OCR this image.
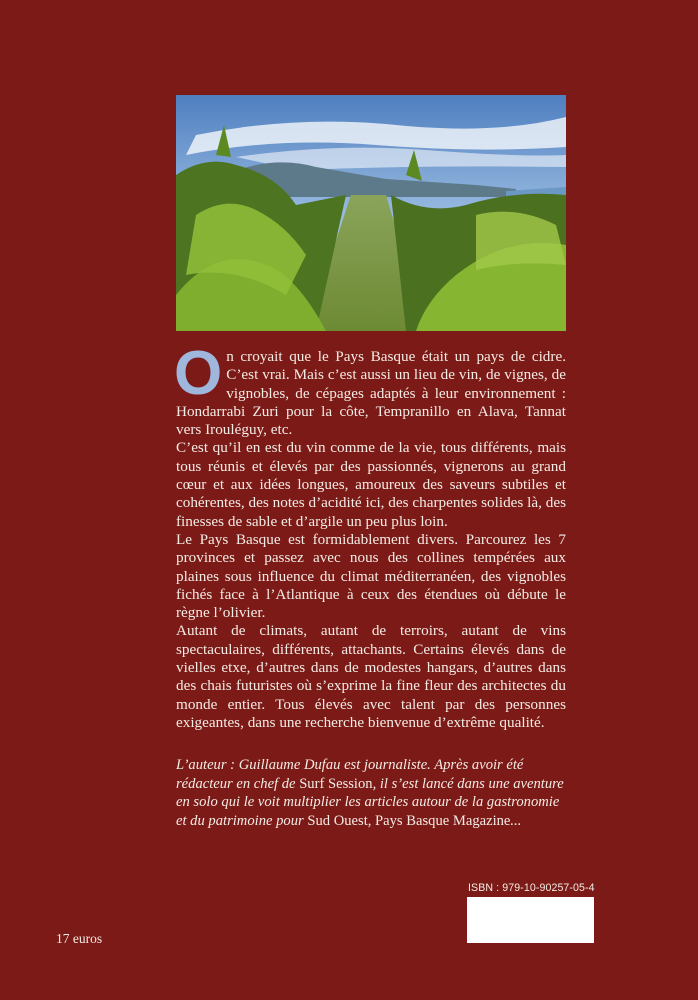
On croyait que le Pays Basque était un pays de cidre. C’est vrai. Mais c’est aussi un lieu de vin, de vignes, de vignobles, de cépages adaptés à leur environnement : Hondarrabi Zuri pour la côte, Tempranillo en Alava, Tannat vers Irouléguy, etc.

C’est qu’il en est du vin comme de la vie, tous différents, mais tous réunis et élevés par des passionnés, vignerons au grand cœur et aux idées longues, amoureux des saveurs subtiles et cohérentes, des notes d’acidité ici, des charpentes solides là, des finesses de sable et d’argile un peu plus loin.

Le Pays Basque est formidablement divers. Parcourez les 7 provinces et passez avec nous des collines tempérées aux plaines sous influence du climat méditerranéen, des vignobles fichés face à l’Atlantique à ceux des étendues où débute le règne l’olivier.

Autant de climats, autant de terroirs, autant de vins spectaculaires, différents, attachants. Certains élevés dans de vielles etxe, d’autres dans de modestes hangars, d’autres dans des chais futuristes où s’exprime la fine fleur des architectes du monde entier. Tous élevés avec talent par des personnes exigeantes, dans une recherche bienvenue d’extrême qualité.

L’auteur : Guillaume Dufau est journaliste. Après avoir été rédacteur en chef de Surf Session, il s’est lancé dans une aventure en solo qui le voit multiplier les articles autour de la gastronomie et du patrimoine pour Sud Ouest, Pays Basque Magazine...

ISBN : 979-10-90257-05-4
17 euros
